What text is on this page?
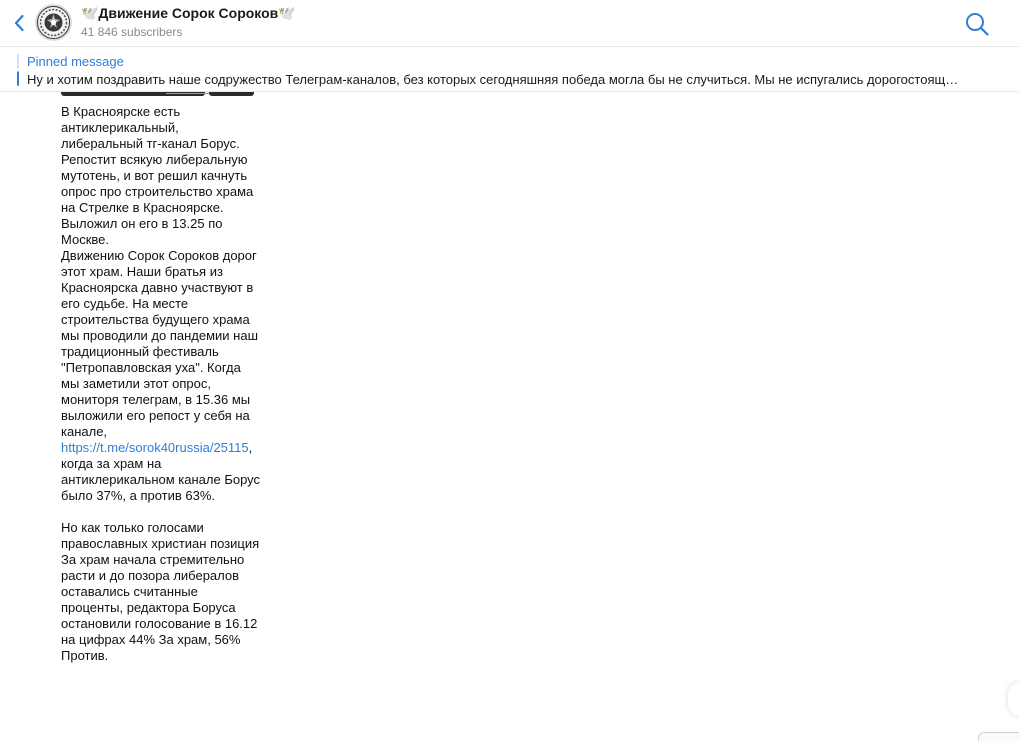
🕊️Движение Сорок Сороков🕊️
41 846 subscribers
Pinned message
Ну и хотим поздравить наше содружество Телеграм-каналов, без которых сегодняшняя победа могла бы не случиться. Мы не испугались дорогостоящ…

В Красноярске есть антиклерикальный, либеральный тг-канал Борус. Репостит всякую либеральную мутотень, и вот решил качнуть опрос про строительство храма на Стрелке в Красноярске. Выложил он его в 13.25 по Москве.
Движению Сорок Сороков дорог этот храм. Наши братья из Красноярска давно участвуют в его судьбе. На месте строительства будущего храма мы проводили до пандемии наш традиционный фестиваль "Петропавловская уха". Когда мы заметили этот опрос, мониторя телеграм, в 15.36 мы выложили его репост у себя на канале,
https://t.me/sorok40russia/25115,
когда за храм на антиклерикальном канале Борус было 37%, а против 63%.

Но как только голосами православных христиан позиция За храм начала стремительно расти и до позора либералов оставались считанные проценты, редактора Боруса остановили голосование в 16.12 на цифрах 44% За храм, 56% Против.
